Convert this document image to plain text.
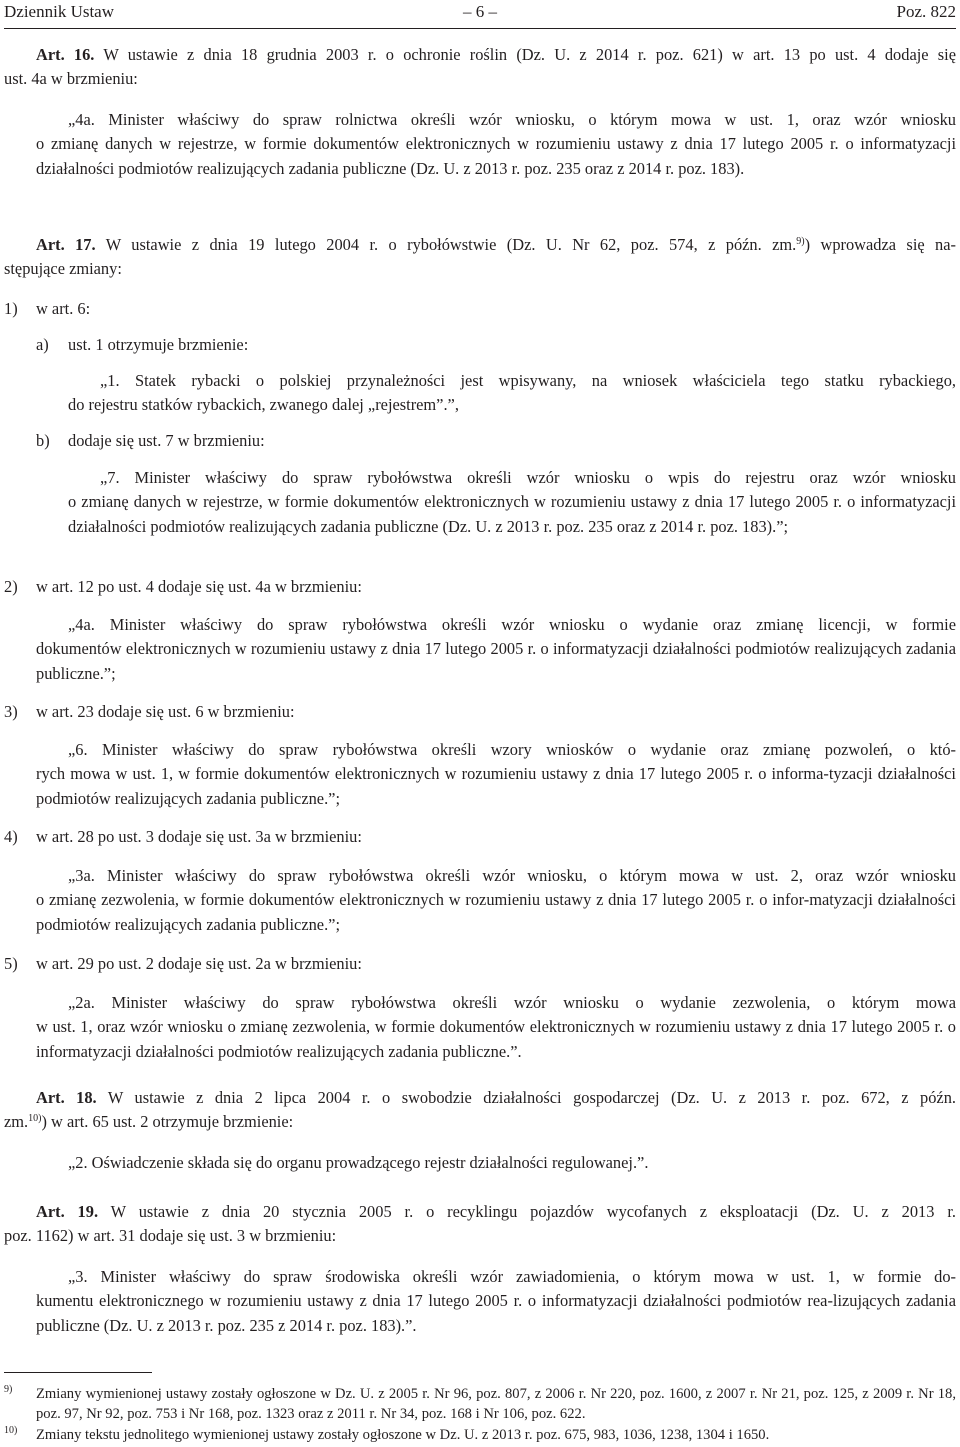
Dziennik Ustaw	– 6 –	Poz. 822
Art. 16. W ustawie z dnia 18 grudnia 2003 r. o ochronie roślin (Dz. U. z 2014 r. poz. 621) w art. 13 po ust. 4 dodaje się
ust. 4a w brzmieniu:
„4a. Minister właściwy do spraw rolnictwa określi wzór wniosku, o którym mowa w ust. 1, oraz wzór wniosku
o zmianę danych w rejestrze, w formie dokumentów elektronicznych w rozumieniu ustawy z dnia 17 lutego 2005 r. o informatyzacji działalności podmiotów realizujących zadania publiczne (Dz. U. z 2013 r. poz. 235 oraz z 2014 r. poz. 183).
Art. 17. W ustawie z dnia 19 lutego 2004 r. o rybołówstwie (Dz. U. Nr 62, poz. 574, z późn. zm.$^{9)}$) wprowadza się na-
stępujące zmiany:
1) w art. 6:
a) ust. 1 otrzymuje brzmienie:
„1. Statek rybacki o polskiej przynależności jest wpisywany, na wniosek właściciela tego statku rybackiego,
do rejestru statków rybackich, zwanego dalej „rejestrem”.”,
b) dodaje się ust. 7 w brzmieniu:
„7. Minister właściwy do spraw rybołówstwa określi wzór wniosku o wpis do rejestru oraz wzór wniosku
o zmianę danych w rejestrze, w formie dokumentów elektronicznych w rozumieniu ustawy z dnia 17 lutego 2005 r. o informatyzacji działalności podmiotów realizujących zadania publiczne (Dz. U. z 2013 r. poz. 235 oraz z 2014 r. poz. 183).”;
2) w art. 12 po ust. 4 dodaje się ust. 4a w brzmieniu:
„4a. Minister właściwy do spraw rybołówstwa określi wzór wniosku o wydanie oraz zmianę licencji, w formie
dokumentów elektronicznych w rozumieniu ustawy z dnia 17 lutego 2005 r. o informatyzacji działalności podmiotów realizujących zadania publiczne.”;
3) w art. 23 dodaje się ust. 6 w brzmieniu:
„6. Minister właściwy do spraw rybołówstwa określi wzory wniosków o wydanie oraz zmianę pozwoleń, o któ-
rych mowa w ust. 1, w formie dokumentów elektronicznych w rozumieniu ustawy z dnia 17 lutego 2005 r. o informa-tyzacji działalności podmiotów realizujących zadania publiczne.”;
4) w art. 28 po ust. 3 dodaje się ust. 3a w brzmieniu:
„3a. Minister właściwy do spraw rybołówstwa określi wzór wniosku, o którym mowa w ust. 2, oraz wzór wniosku
o zmianę zezwolenia, w formie dokumentów elektronicznych w rozumieniu ustawy z dnia 17 lutego 2005 r. o infor-matyzacji działalności podmiotów realizujących zadania publiczne.”;
5) w art. 29 po ust. 2 dodaje się ust. 2a w brzmieniu:
„2a. Minister właściwy do spraw rybołówstwa określi wzór wniosku o wydanie zezwolenia, o którym mowa
w ust. 1, oraz wzór wniosku o zmianę zezwolenia, w formie dokumentów elektronicznych w rozumieniu ustawy z dnia 17 lutego 2005 r. o informatyzacji działalności podmiotów realizujących zadania publiczne.”.
Art. 18. W ustawie z dnia 2 lipca 2004 r. o swobodzie działalności gospodarczej (Dz. U. z 2013 r. poz. 672, z późn.
zm.$^{10)}$) w art. 65 ust. 2 otrzymuje brzmienie:
„2. Oświadczenie składa się do organu prowadzącego rejestr działalności regulowanej.”.
Art. 19. W ustawie z dnia 20 stycznia 2005 r. o recyklingu pojazdów wycofanych z eksploatacji (Dz. U. z 2013 r.
poz. 1162) w art. 31 dodaje się ust. 3 w brzmieniu:
„3. Minister właściwy do spraw środowiska określi wzór zawiadomienia, o którym mowa w ust. 1, w formie do-
kumentu elektronicznego w rozumieniu ustawy z dnia 17 lutego 2005 r. o informatyzacji działalności podmiotów rea-lizujących zadania publiczne (Dz. U. z 2013 r. poz. 235 z 2014 r. poz. 183).”.
9) Zmiany wymienionej ustawy zostały ogłoszone w Dz. U. z 2005 r. Nr 96, poz. 807, z 2006 r. Nr 220, poz. 1600, z 2007 r. Nr 21, poz. 125, z 2009 r. Nr 18, poz. 97, Nr 92, poz. 753 i Nr 168, poz. 1323 oraz z 2011 r. Nr 34, poz. 168 i Nr 106, poz. 622.
10) Zmiany tekstu jednolitego wymienionej ustawy zostały ogłoszone w Dz. U. z 2013 r. poz. 675, 983, 1036, 1238, 1304 i 1650.
